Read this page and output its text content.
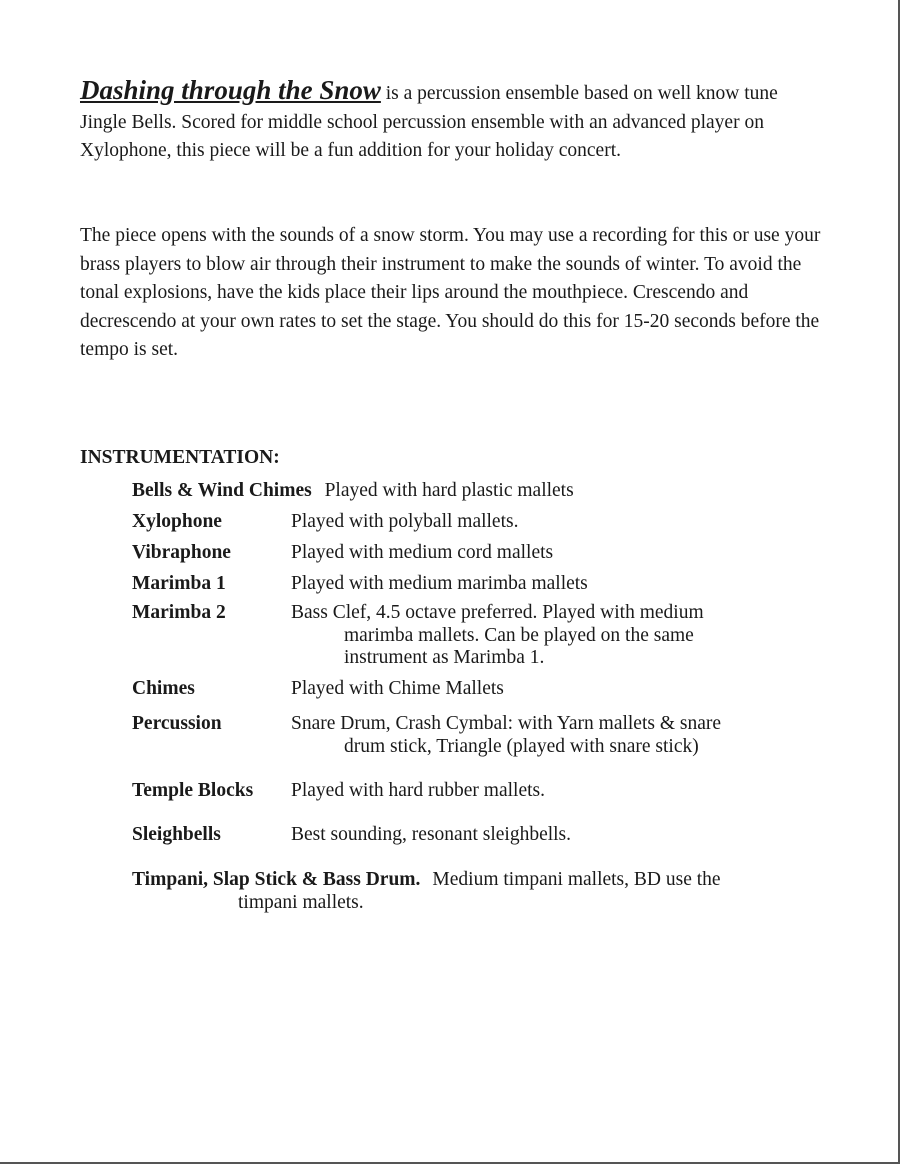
Dashing through the Snow is a percussion ensemble based on well know tune Jingle Bells. Scored for middle school percussion ensemble with an advanced player on Xylophone, this piece will be a fun addition for your holiday concert.

The piece opens with the sounds of a snow storm. You may use a recording for this or use your brass players to blow air through their instrument to make the sounds of winter. To avoid the tonal explosions, have the kids place their lips around the mouthpiece. Crescendo and decrescendo at your own rates to set the stage. You should do this for 15-20 seconds before the tempo is set.

INSTRUMENTATION:

Bells & Wind Chimes Played with hard plastic mallets
Xylophone	Played with polyball mallets.
Vibraphone	Played with medium cord mallets
Marimba 1	Played with medium marimba mallets
Marimba 2	Bass Clef, 4.5 octave preferred. Played with medium
marimba mallets. Can be played on the same
instrument as Marimba 1.
Chimes	Played with Chime Mallets
Percussion	Snare Drum, Crash Cymbal: with Yarn mallets & snare
drum stick, Triangle (played with snare stick)
Temple Blocks Played with hard rubber mallets.
Sleighbells	Best sounding, resonant sleighbells.
Timpani, Slap Stick & Bass Drum. Medium timpani mallets, BD use the
timpani mallets.
